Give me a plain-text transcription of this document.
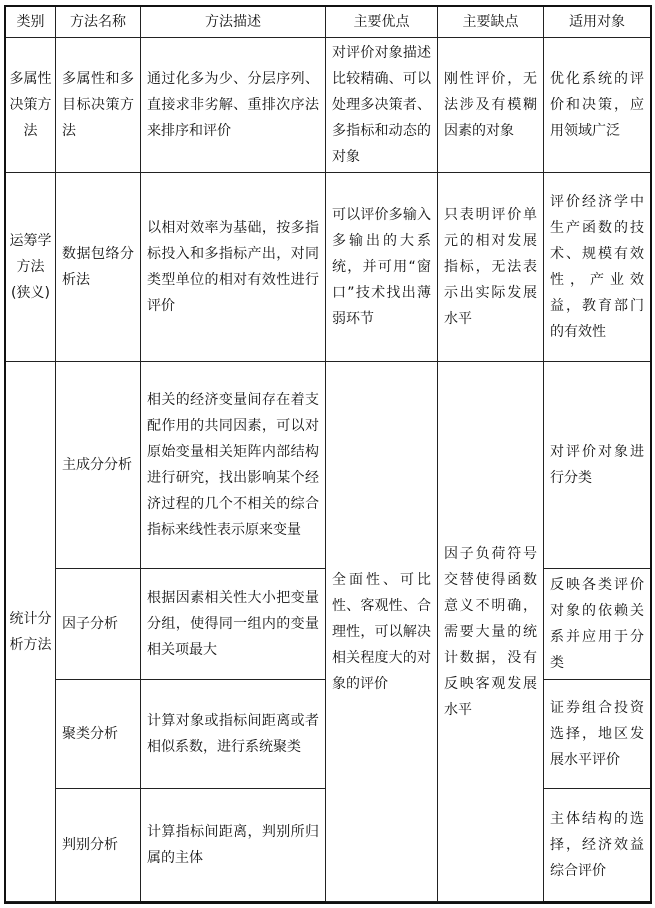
类别	方法名称	方法描述	主要优点	主要缺点	适用对象
多属性决策方法	多属性和多目标决策方法	通过化多为少、分层序列、直接求非劣解、重排次序法来排序和评价	对评价对象描述比较精确、可以处理多决策者、多指标和动态的对象	刚性评价，无法涉及有模糊因素的对象	优化系统的评价和决策，应用领域广泛
运筹学方法(狭义)	数据包络分析法	以相对效率为基础，按多指标投入和多指标产出，对同类型单位的相对有效性进行评价	可以评价多输入多输出的大系统，并可用“窗口”技术找出薄弱环节	只表明评价单元的相对发展指标，无法表示出实际发展水平	评价经济学中生产函数的技术、规模有效性，产业效益，教育部门的有效性
统计分析方法	主成分分析	相关的经济变量间存在着支配作用的共同因素，可以对原始变量相关矩阵内部结构进行研究，找出影响某个经济过程的几个不相关的综合指标来线性表示原来变量	全面性、可比性、客观性、合理性，可以解决相关程度大的对象的评价	因子负荷符号交替使得函数意义不明确，需要大量的统计数据，没有反映客观发展水平	对评价对象进行分类
	因子分析	根据因素相关性大小把变量分组，使得同一组内的变量相关项最大			反映各类评价对象的依赖关系并应用于分类
	聚类分析	计算对象或指标间距离或者相似系数，进行系统聚类			证券组合投资选择，地区发展水平评价
	判别分析	计算指标间距离，判别所归属的主体			主体结构的选择，经济效益综合评价
